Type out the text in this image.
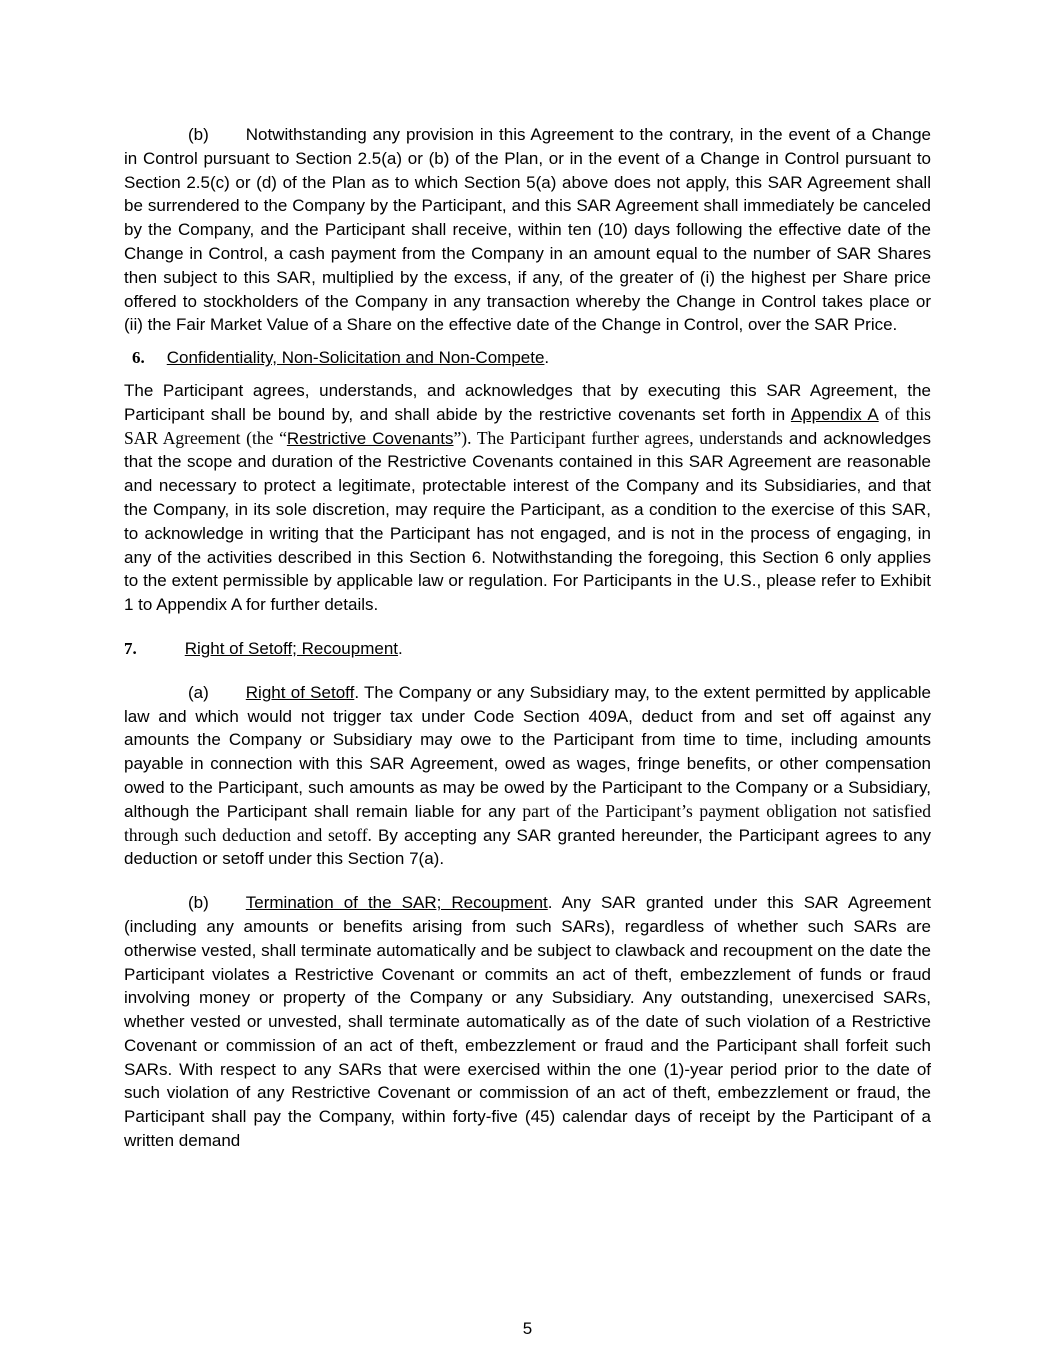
(b) Notwithstanding any provision in this Agreement to the contrary, in the event of a Change in Control pursuant to Section 2.5(a) or (b) of the Plan, or in the event of a Change in Control pursuant to Section 2.5(c) or (d) of the Plan as to which Section 5(a) above does not apply, this SAR Agreement shall be surrendered to the Company by the Participant, and this SAR Agreement shall immediately be canceled by the Company, and the Participant shall receive, within ten (10) days following the effective date of the Change in Control, a cash payment from the Company in an amount equal to the number of SAR Shares then subject to this SAR, multiplied by the excess, if any, of the greater of (i) the highest per Share price offered to stockholders of the Company in any transaction whereby the Change in Control takes place or (ii) the Fair Market Value of a Share on the effective date of the Change in Control, over the SAR Price.

6. Confidentiality, Non-Solicitation and Non-Compete.

The Participant agrees, understands, and acknowledges that by executing this SAR Agreement, the Participant shall be bound by, and shall abide by the restrictive covenants set forth in Appendix A of this SAR Agreement (the “Restrictive Covenants”). The Participant further agrees, understands and acknowledges that the scope and duration of the Restrictive Covenants contained in this SAR Agreement are reasonable and necessary to protect a legitimate, protectable interest of the Company and its Subsidiaries, and that the Company, in its sole discretion, may require the Participant, as a condition to the exercise of this SAR, to acknowledge in writing that the Participant has not engaged, and is not in the process of engaging, in any of the activities described in this Section 6. Notwithstanding the foregoing, this Section 6 only applies to the extent permissible by applicable law or regulation. For Participants in the U.S., please refer to Exhibit 1 to Appendix A for further details.

7.	Right of Setoff; Recoupment.

(a) Right of Setoff. The Company or any Subsidiary may, to the extent permitted by applicable law and which would not trigger tax under Code Section 409A, deduct from and set off against any amounts the Company or Subsidiary may owe to the Participant from time to time, including amounts payable in connection with this SAR Agreement, owed as wages, fringe benefits, or other compensation owed to the Participant, such amounts as may be owed by the Participant to the Company or a Subsidiary, although the Participant shall remain liable for any part of the Participant’s payment obligation not satisfied through such deduction and setoff. By accepting any SAR granted hereunder, the Participant agrees to any deduction or setoff under this Section 7(a).

(b) Termination of the SAR; Recoupment. Any SAR granted under this SAR Agreement (including any amounts or benefits arising from such SARs), regardless of whether such SARs are otherwise vested, shall terminate automatically and be subject to clawback and recoupment on the date the Participant violates a Restrictive Covenant or commits an act of theft, embezzlement of funds or fraud involving money or property of the Company or any Subsidiary. Any outstanding, unexercised SARs, whether vested or unvested, shall terminate automatically as of the date of such violation of a Restrictive Covenant or commission of an act of theft, embezzlement or fraud and the Participant shall forfeit such SARs. With respect to any SARs that were exercised within the one (1)-year period prior to the date of such violation of any Restrictive Covenant or commission of an act of theft, embezzlement or fraud, the Participant shall pay the Company, within forty-five (45) calendar days of receipt by the Participant of a written demand

5
